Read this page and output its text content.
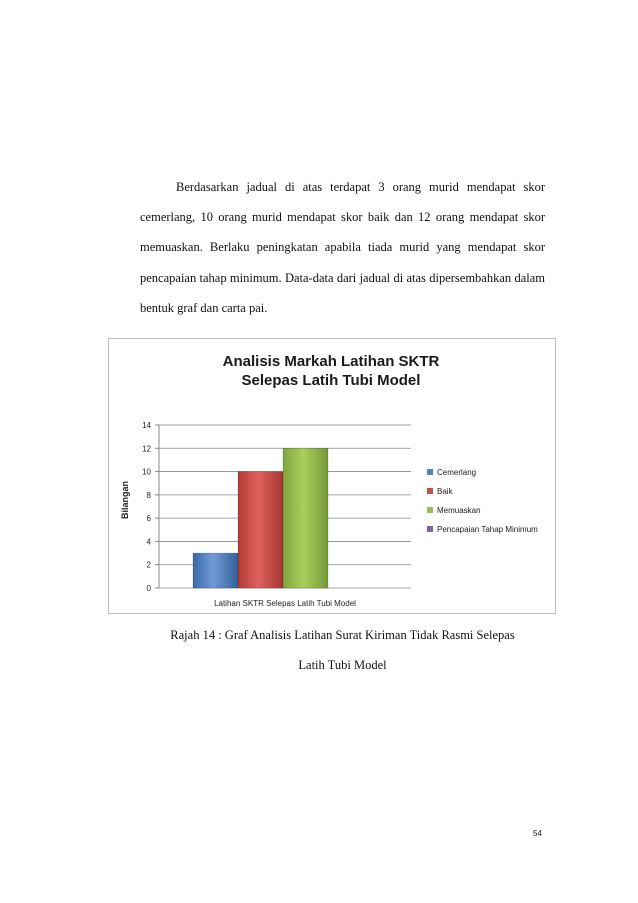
Berdasarkan jadual di atas terdapat 3 orang murid mendapat skor cemerlang, 10 orang murid mendapat skor baik dan 12 orang mendapat skor memuaskan. Berlaku peningkatan apabila tiada murid yang mendapat skor pencapaian tahap minimum. Data-data dari jadual di atas dipersembahkan dalam bentuk graf dan carta pai.

Analisis Markah Latihan SKTR
Selepas Latih Tubi Model
Bilangan
0
2
4
6
8
10
12
14
Latihan SKTR Selepas Latih Tubi Model
Cemerlang
Baik
Memuaskan
Pencapaian Tahap Minimum

Rajah 14 : Graf Analisis Latihan Surat Kiriman Tidak Rasmi Selepas

Latih Tubi Model

54
